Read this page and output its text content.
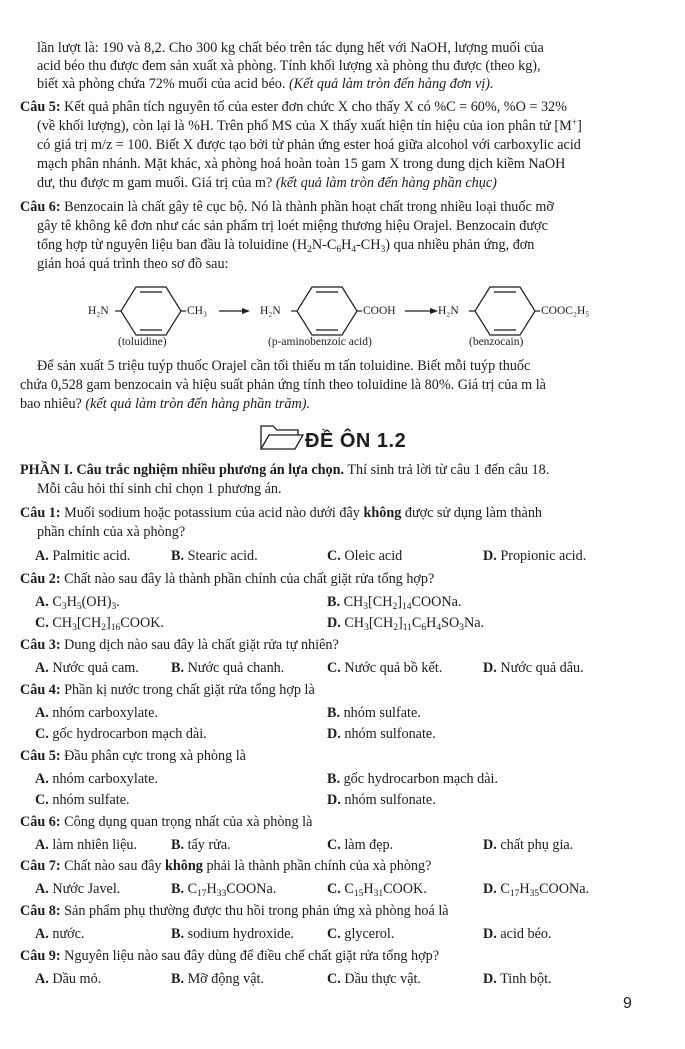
lần lượt là: 190 và 8,2. Cho 300 kg chất béo trên tác dụng hết với NaOH, lượng muối của
acid béo thu được đem sản xuất xà phòng. Tính khối lượng xà phòng thu được (theo kg),
biết xà phòng chứa 72% muối của acid béo. (Kết quả làm tròn đến hàng đơn vị).
Câu 5: Kết quả phân tích nguyên tố của ester đơn chức X cho thấy X có %C = 60%, %O = 32%
(về khối lượng), còn lại là %H. Trên phổ MS của X thấy xuất hiện tín hiệu của ion phân tử [M+]
có giá trị m/z = 100. Biết X được tạo bởi từ phản ứng ester hoá giữa alcohol với carboxylic acid
mạch phân nhánh. Mặt khác, xà phòng hoá hoàn toàn 15 gam X trong dung dịch kiềm NaOH
dư, thu được m gam muối. Giá trị của m? (kết quả làm tròn đến hàng phần chục)
Câu 6: Benzocain là chất gây tê cục bộ. Nó là thành phần hoạt chất trong nhiều loại thuốc mỡ
gây tê không kê đơn như các sản phẩm trị loét miệng thương hiệu Orajel. Benzocain được
tổng hợp từ nguyên liệu ban đầu là toluidine $(H_2N-C_6H_4-CH_3)$ qua nhiều phản ứng, đơn
gián hoá quá trình theo sơ đồ sau:
H₂N	CH₃	H₂N	COOH	H₂N	COOC₂H₅
(toluidine)	(p-aminobenzoic acid)	(benzocain)
Để sản xuất 5 triệu tuýp thuốc Orajel cần tối thiểu m tấn toluidine. Biết mỗi tuýp thuốc
chứa 0,528 gam benzocain và hiệu suất phản ứng tính theo toluidine là 80%. Giá trị của m là
bao nhiêu? (kết quả làm tròn đến hàng phần trăm).
ĐỀ ÔN 1.2
PHẦN I. Câu trắc nghiệm nhiều phương án lựa chọn. Thí sinh trả lời từ câu 1 đến câu 18.
Mỗi câu hỏi thí sinh chỉ chọn 1 phương án.
Câu 1: Muối sodium hoặc potassium của acid nào dưới đây không được sử dụng làm thành
phần chính của xà phòng?
A. Palmitic acid.	B. Stearic acid.	C. Oleic acid	D. Propionic acid.
Câu 2: Chất nào sau đây là thành phần chính của chất giặt rửa tổng hợp?
A. $C_3H_5(OH)_3$.	B. $CH_3[CH_2]_{14}COONa$.
C. $CH_3[CH_2]_{16}COOK$.	D. $CH_3[CH_2]_{11}C_6H_4SO_3Na$.
Câu 3: Dung dịch nào sau đây là chất giặt rửa tự nhiên?
A. Nước quả cam. B. Nước quả chanh.	C. Nước quả bồ kết.	D. Nước quả dâu.
Câu 4: Phần kị nước trong chất giặt rửa tổng hợp là
A. nhóm carboxylate.	B. nhóm sulfate.
C. gốc hydrocarbon mạch dài.	D. nhóm sulfonate.
Câu 5: Đầu phân cực trong xà phòng là
A. nhóm carboxylate.	B. gốc hydrocarbon mạch dài.
C. nhóm sulfate.	D. nhóm sulfonate.
Câu 6: Công dụng quan trọng nhất của xà phòng là
A. làm nhiên liệu. B. tẩy rửa.	C. làm đẹp.	D. chất phụ gia.
Câu 7: Chất nào sau đây không phải là thành phần chính của xà phòng?
A. Nước Javel.	B. $C_{17}H_{33}COONa$.	C. $C_{15}H_{31}COOK$.	D. $C_{17}H_{35}COONa$.
Câu 8: Sản phẩm phụ thường được thu hồi trong phản ứng xà phòng hoá là
A. nước.	B. sodium hydroxide. C. glycerol.	D. acid béo.
Câu 9: Nguyên liệu nào sau đây dùng để điều chế chất giặt rửa tổng hợp?
A. Dầu mỏ.	B. Mỡ động vật.	C. Dầu thực vật.	D. Tinh bột.
9
